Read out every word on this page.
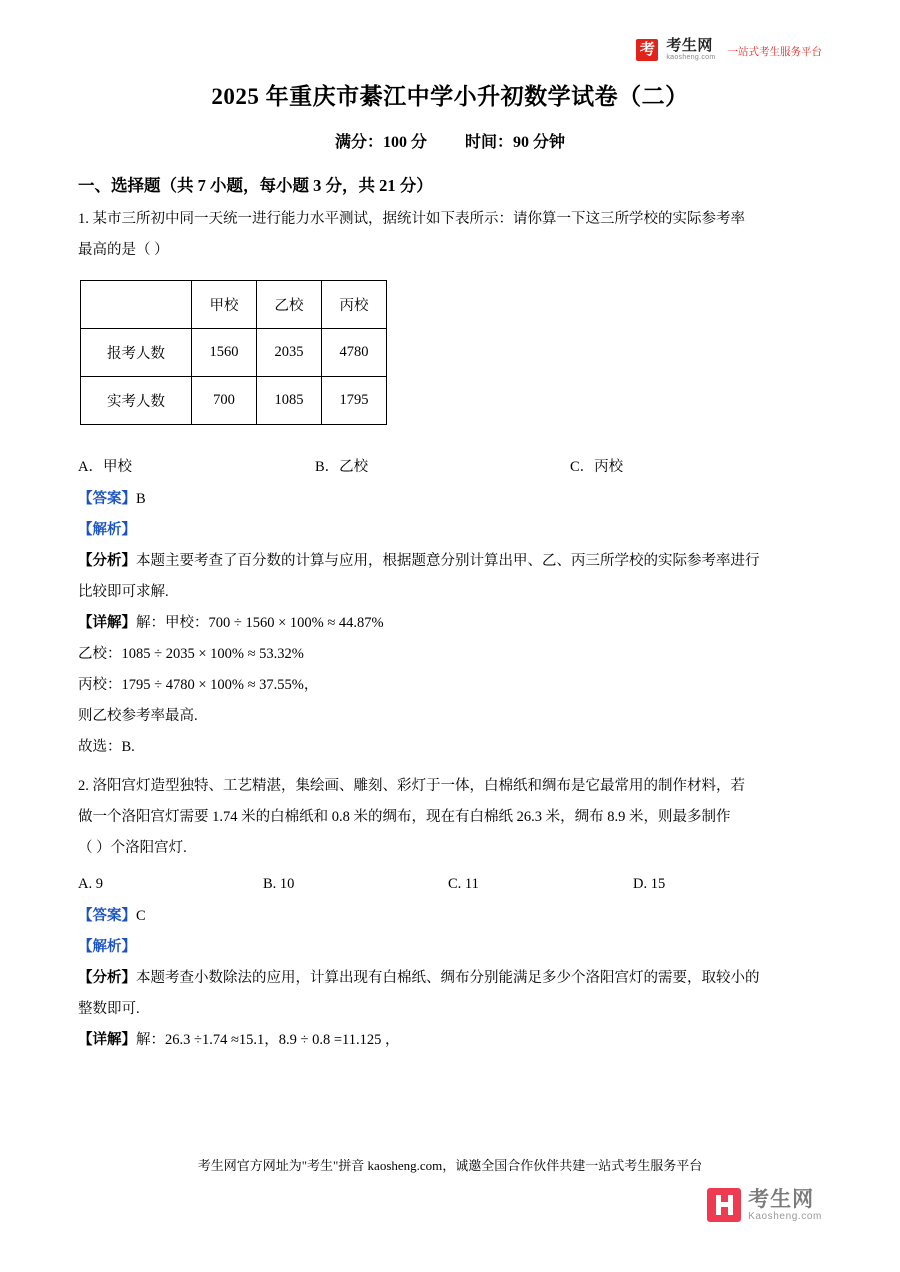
考 考生网
kaosheng.com 一站式考生服务平台
2025 年重庆市綦江中学小升初数学试卷（二）
满分：100 分 时间：90 分钟
一、选择题（共 7 小题，每小题 3 分，共 21 分）
1. 某市三所初中同一天统一进行能力水平测试，据统计如下表所示：请你算一下这三所学校的实际参考率
最高的是（ ）
	甲校	乙校	丙校
报考人数	1560	2035	4780
实考人数	700	1085	1795
A．甲校	B．乙校	C．丙校
【答案】B
【解析】
【分析】本题主要考查了百分数的计算与应用，根据题意分别计算出甲、乙、丙三所学校的实际参考率进行
比较即可求解.
【详解】解：甲校：700 ÷ 1560 × 100% ≈ 44.87%
乙校：1085 ÷ 2035 × 100% ≈ 53.32%
丙校：1795 ÷ 4780 × 100% ≈ 37.55%，
则乙校参考率最高.
故选：B.
2. 洛阳宫灯造型独特、工艺精湛，集绘画、雕刻、彩灯于一体，白棉纸和绸布是它最常用的制作材料，若
做一个洛阳宫灯需要 1.74 米的白棉纸和 0.8 米的绸布，现在有白棉纸 26.3 米，绸布 8.9 米，则最多制作
（ ）个洛阳宫灯.
A. 9	B. 10	C. 11	D. 15
【答案】C
【解析】
【分析】本题考查小数除法的应用，计算出现有白棉纸、绸布分别能满足多少个洛阳宫灯的需要，取较小的
整数即可.
【详解】解：26.3 ÷1.74 ≈15.1，8.9 ÷ 0.8 =11.125 ，
考生网官方网址为"考生"拼音 kaosheng.com，诚邀全国合作伙伴共建一站式考生服务平台
考生网
Kaosheng.com
